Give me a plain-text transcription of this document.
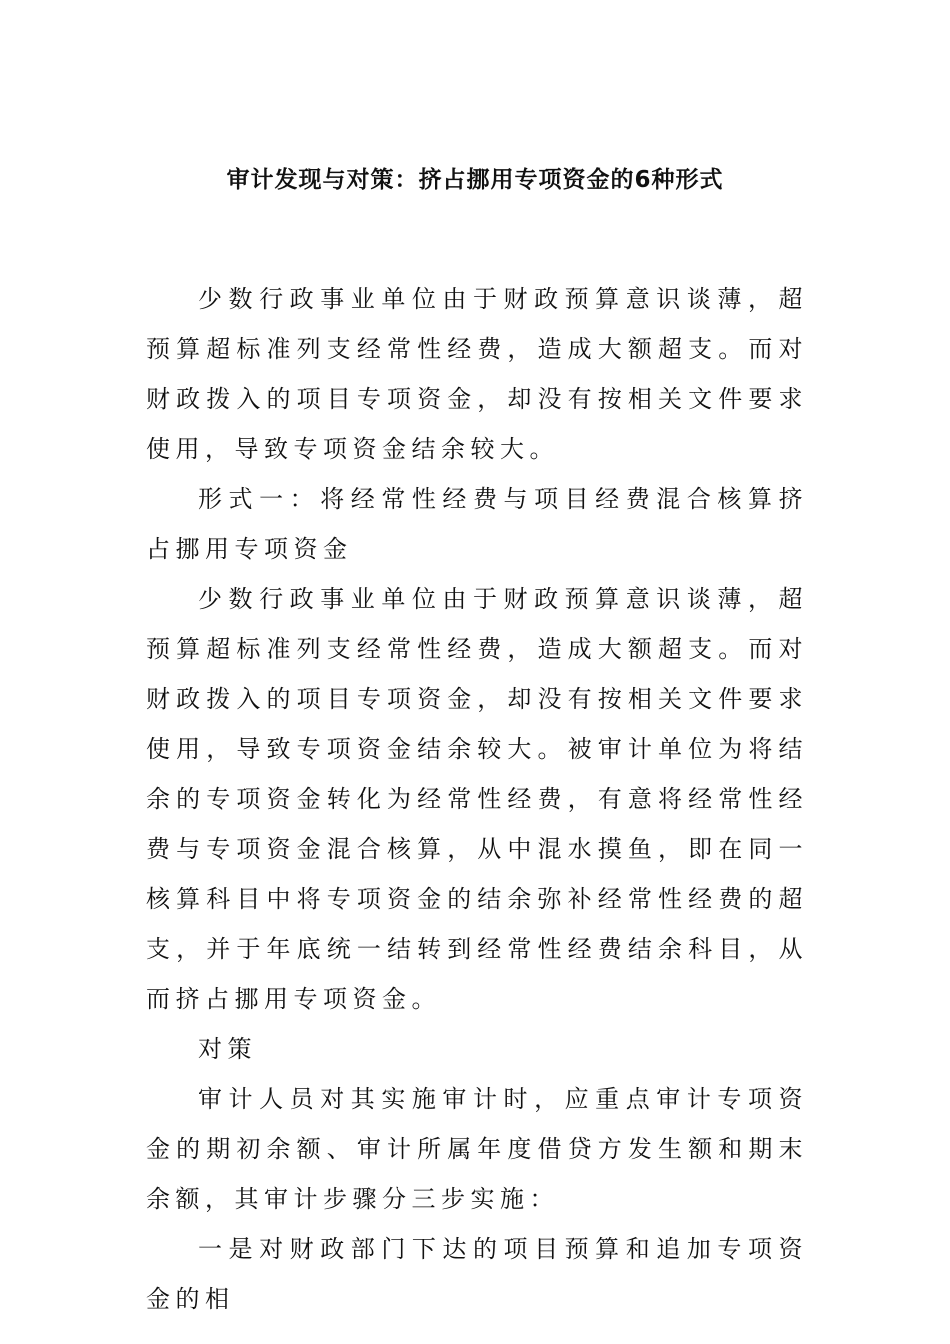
审计发现与对策：挤占挪用专项资金的6种形式

少数行政事业单位由于财政预算意识谈薄，超预算超标准列支经常性经费，造成大额超支。而对财政拨入的项目专项资金，却没有按相关文件要求使用，导致专项资金结余较大。

形式一：将经常性经费与项目经费混合核算挤占挪用专项资金

少数行政事业单位由于财政预算意识谈薄，超预算超标准列支经常性经费，造成大额超支。而对财政拨入的项目专项资金，却没有按相关文件要求使用，导致专项资金结余较大。被审计单位为将结余的专项资金转化为经常性经费，有意将经常性经费与专项资金混合核算，从中混水摸鱼，即在同一核算科目中将专项资金的结余弥补经常性经费的超支，并于年底统一结转到经常性经费结余科目，从而挤占挪用专项资金。

对策

审计人员对其实施审计时，应重点审计专项资金的期初余额、审计所属年度借贷方发生额和期末余额，其审计步骤分三步实施：

一是对财政部门下达的项目预算和追加专项资金的相
